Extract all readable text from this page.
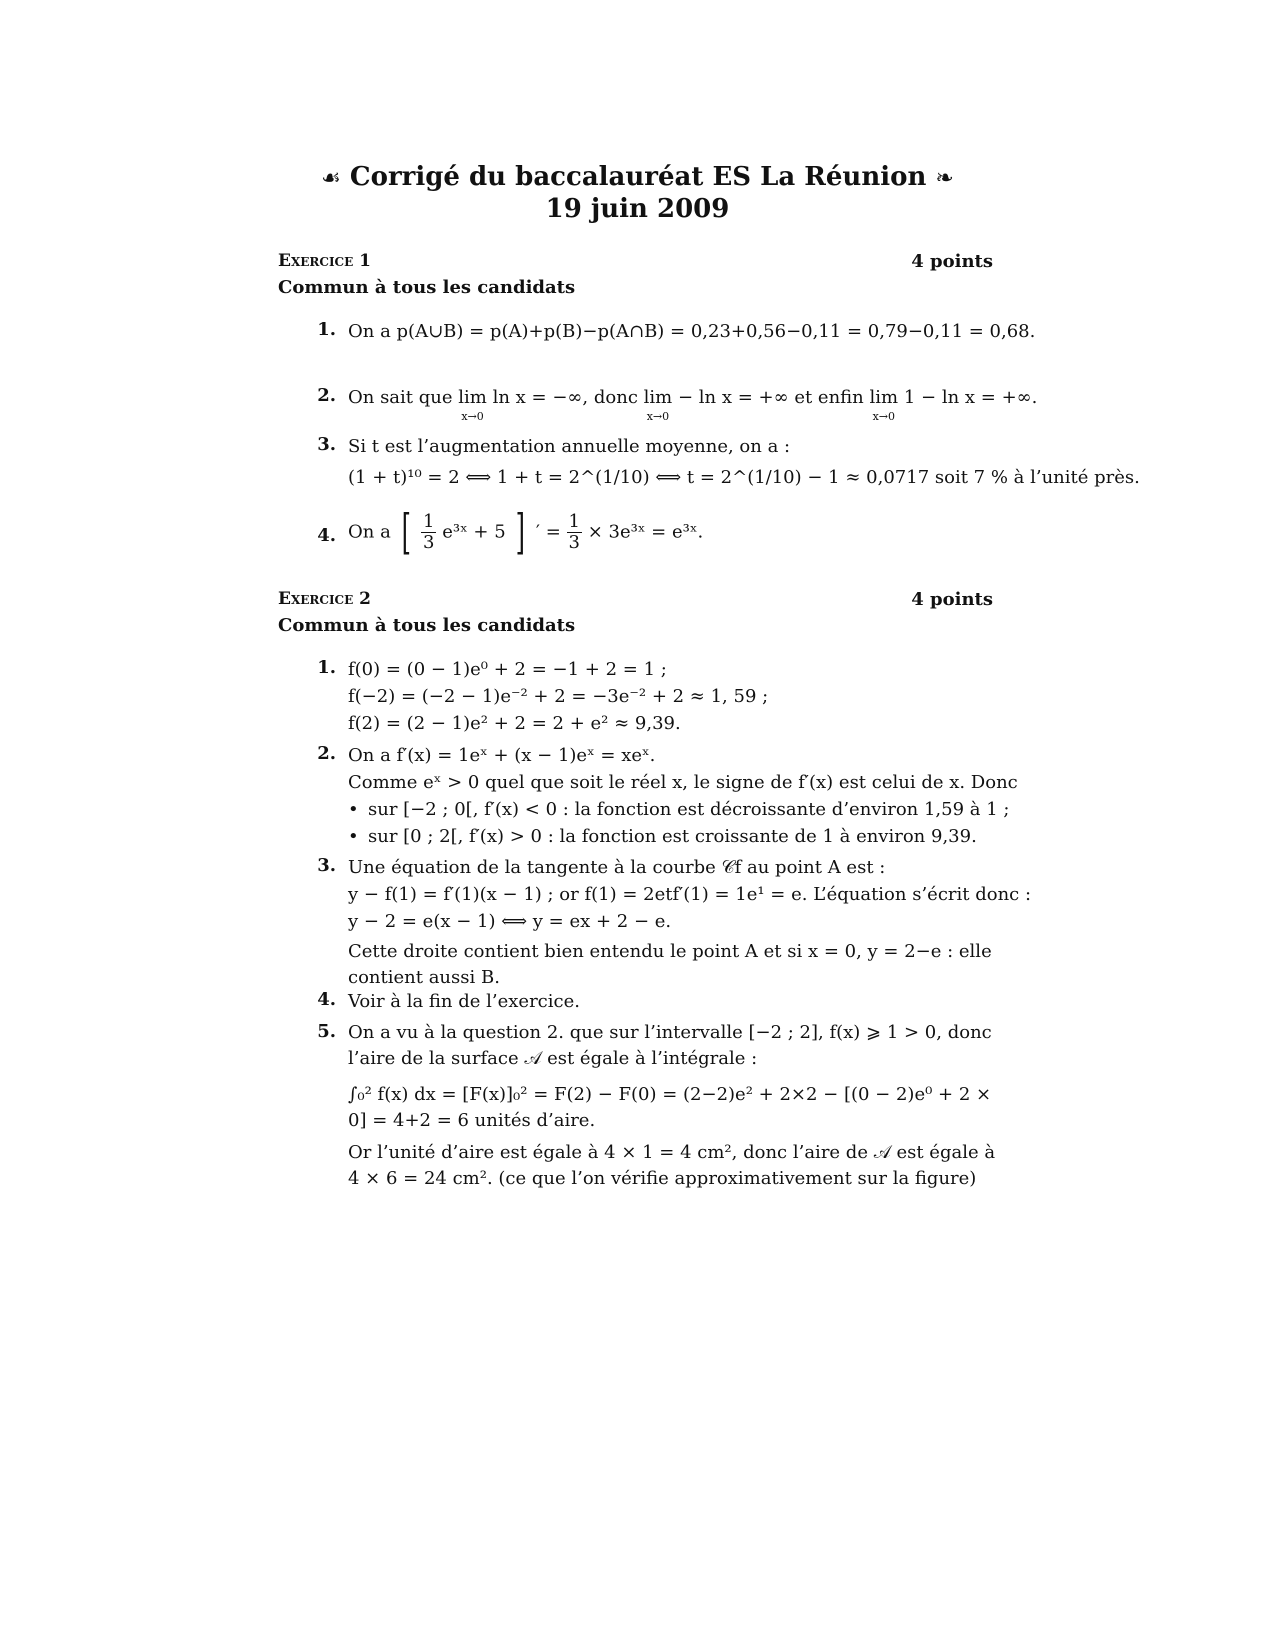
☙ Corrigé du baccalauréat ES La Réunion ❧
19 juin 2009
Exercice 1	4 points
Commun à tous les candidats
1. On a p(A∪B) = p(A)+p(B)−p(A∩B) = 0,23+0,56−0,11 = 0,79−0,11 = 0,68.
2. On sait que lim
x→0
ln x = −∞, donc lim
x→0
− ln x = +∞ et enfin lim
x→0
1 − ln x = +∞.
3. Si t est l’augmentation annuelle moyenne, on a :
(1 + t)¹⁰ = 2 ⟺ 1 + t = 2^(1/10) ⟺ t = 2^(1/10) − 1 ≈ 0,0717 soit 7 % à l’unité près.
4. On a [ $\frac{1}{3}$ e³ˣ + 5 ] ′ = $\frac{1}{3}$ × 3e³ˣ = e³ˣ.
Exercice 2	4 points
Commun à tous les candidats
1. f(0) = (0 − 1)e⁰ + 2 = −1 + 2 = 1 ;
f(−2) = (−2 − 1)e⁻² + 2 = −3e⁻² + 2 ≈ 1, 59 ;
f(2) = (2 − 1)e² + 2 = 2 + e² ≈ 9,39.
2. On a f′(x) = 1eˣ + (x − 1)eˣ = xeˣ.
Comme eˣ > 0 quel que soit le réel x, le signe de f′(x) est celui de x. Donc
• sur [−2 ; 0[, f′(x) < 0 : la fonction est décroissante d’environ 1,59 à 1 ;
• sur [0 ; 2[, f′(x) > 0 : la fonction est croissante de 1 à environ 9,39.
3. Une équation de la tangente à la courbe 𝒞f au point A est :
y − f(1) = f′(1)(x − 1) ; or f(1) = 2etf′(1) = 1e¹ = e. L’équation s’écrit donc :
y − 2 = e(x − 1) ⟺ y = ex + 2 − e.
Cette droite contient bien entendu le point A et si x = 0, y = 2−e : elle contient aussi B.
4. Voir à la fin de l’exercice.
5. On a vu à la question 2. que sur l’intervalle [−2 ; 2], f(x) ⩾ 1 > 0, donc l’aire de la surface 𝒜 est égale à l’intégrale :
∫₀² f(x) dx = [F(x)]₀² = F(2) − F(0) = (2−2)e² + 2×2 − [(0 − 2)e⁰ + 2 × 0] = 4+2 = 6 unités d’aire.
Or l’unité d’aire est égale à 4 × 1 = 4 cm², donc l’aire de 𝒜 est égale à 4 × 6 = 24 cm². (ce que l’on vérifie approximativement sur la figure)
